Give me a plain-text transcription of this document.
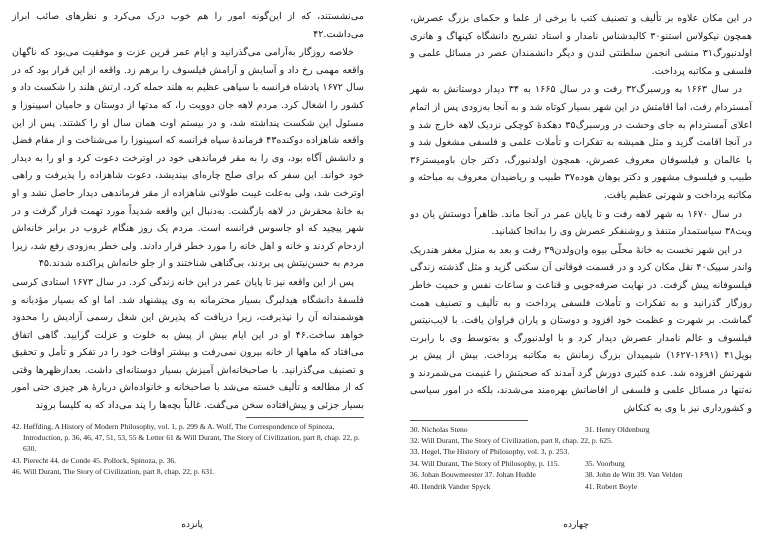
می‌نشستند، که از این‌گونه امور را هم خوب درک می‌کرد و نظرهای صائب ابراز می‌داشت.۴۲

خلاصه روزگار به‌آرامی می‌گذرانید و ایام عمر قرین عزت و موفقیت می‌بود که ناگهان واقعه مهمی رخ داد و آسایش و آرامش فیلسوف را برهم زد. واقعه از این قرار بود که در سال ۱۶۷۲ پادشاه فرانسه با سپاهی عظیم به هلند حمله کرد، ارتش هلند را شکست داد و کشور را اشغال کرد. مردم لاهه جان دوویت را، که مدتها از دوستان و حامیان اسپینوزا و مسئول این شکست پنداشته شد، و در بیستم اوت همان سال او را کشتند. پس از این واقعه شاهزاده دوکنده۴۳ فرماندهٔ سپاه فرانسه که اسپینوزا را می‌شناخت و از مقام فضل و دانشش آگاه بود، وی را به مقر فرماندهی خود در اوترخت دعوت کرد و او را به دیدار خود خواند. این سفر که برای صلح چاره‌ای بیندیشد، دعوت شاهزاده را پذیرفت و راهی اوترخت شد، ولی به‌علت غیبت طولانی شاهزاده از مقر فرماندهی دیدار حاصل نشد و او به خانهٔ محقرش در لاهه بازگشت. به‌دنبال این واقعه شدیداً مورد تهمت قرار گرفت و در شهر پیچید که او جاسوس فرانسه است. مردم یک روز هنگام غروب در برابر خانه‌اش ازدحام کردند و خانه و اهل خانه را مورد خطر قرار دادند. ولی خطر به‌زودی رفع شد، زیرا مردم به حسن‌نیتش پی بردند، بی‌گناهی شناختند و از جلو خانه‌اش پراکنده شدند.۴۵

پس از این واقعه نیز تا پایان عمر در این خانه زندگی کرد. در سال ۱۶۷۳ استادی کرسی فلسفهٔ دانشگاه هیدلبرگ بسیار محترمانه به وی پیشنهاد شد. اما او که بسیار مؤدبانه و هوشمندانه آن را نپذیرفت، زیرا دریافت که پذیرش این شغل رسمی آزادیش را محدود خواهد ساخت.۴۶ او در این ایام بیش از پیش به خلوت و عزلت گرایید. گاهی اتفاق می‌افتاد که ماهها از خانه بیرون نمی‌رفت و بیشتر اوقات خود را در تفکر و تأمل و تحقیق و تصنیف می‌گذرانید. با صاحبخانه‌اش آمیزش بسیار دوستانه‌ای داشت. بعدازظهرها وقتی که از مطالعه و تألیف خسته می‌شد با صاحبخانه و خانواده‌اش دربارهٔ هر چیزی حتی امور بسیار جزئی و پیش‌افتاده سخن می‌گفت. غالباً بچه‌ها را پند می‌داد که به کلیسا بروند

42. Høffding, A History of Modern Philosophy, vol. 1, p. 299 & A. Wolf, The Correspondence of Spinoza, Introduction, p. 36, 46, 47, 51, 53, 55 & Letter 61 & Will Durant, The Story of Civilization, part 8, chap. 22, p. 630.

43. Pierecht 44. de Conde 45. Pollock, Spinoza, p. 36.

46. Will Durant, The Story of Civilization, part 8, chap. 22, p. 631.

پانزده

در این مکان علاوه بر تألیف و تصنیف کتب با برخی از علما و حکمای بزرگ عصرش، همچون نیکولاس استنو۳۰ کالبدشناس نامدار و استاد تشریح دانشگاه کپنهاگ و هانری اولدنبورگ۳۱ منشی انجمن سلطنتی لندن و دیگر دانشمندان عصر در مسائل علمی و فلسفی و مکاتبه پرداخت.

در سال ۱۶۶۳ به ورسبرگ۳۲ رفت و در سال ۱۶۶۵ به ۳۴ دیدار دوستانش به شهر آمستردام رفت، اما اقامتش در این شهر بسیار کوتاه شد و به آنجا به‌زودی پس از اتمام اعلای آمستردام به جای وحشت در ورسبرگ۳۵ دهکدهٔ کوچکی نزدیک لاهه خارج شد و در آنجا اقامت گزید و مثل همیشه به تفکرات و تأملات علمی و فلسفی مشغول شد و با عالمان و فیلسوفان معروف عصرش، همچون اولدنبورگ، دکتر جان باومیستر۳۶ طبیب و فیلسوف مشهور و دکتر یوهان هوده۳۷ طبیب و ریاضیدان معروف به مباحثه و مکاتبه پرداخت و شهرتی عظیم یافت.

در سال ۱۶۷۰ به شهر لاهه رفت و تا پایان عمر در آنجا ماند. ظاهراً دوستش یان دو ویت۳۸ سیاستمدار متنفذ و روشنفکر عصرش وی را بدانجا کشانید.

در این شهر نخست به خانهٔ محلّی بیوه وان‌ولدن۳۹ رفت و بعد به منزل مغفر هندریک واندر سپیک۴۰ نقل مکان کرد و در قسمت فوقانی آن سکنی گزید و مثل گذشته زندگی فیلسوفانه پیش گرفت. در نهایت صرفه‌جویی و قناعت و ساعات نفس و حمیت خاطر روزگار گذرانید و به تفکرات و تأملات فلسفی پرداخت و به تألیف و تصنیف همت گماشت. بر شهرت و عظمت خود افزود و دوستان و یاران فراوان یافت. با لایب‌نیتس فیلسوف و عالم نامدار عصرش دیدار کرد و با اولدنبورگ و به‌توسط وی با رابرت بویل۴۱ (۱۶۹۱-۱۶۲۷) شیمیدان بزرگ زمانش به مکاتبه پرداخت. بیش از پیش بر شهرتش افزوده شد. عده کثیری دورش گرد آمدند که صحبتش را غنیمت می‌شمردند و نه‌تنها در مسائل علمی و فلسفی از افاضاتش بهره‌مند می‌شدند، بلکه در امور سیاسی و کشورداری نیز با وی به کنکاش

30. Nicholas Steno	31. Henry Oldenburg
32. Will Durant, The Story of Civilization, part 8, chap. 22, p. 625.
33. Hegel, The History of Philosophy, vol. 3, p. 253.
34. Will Durant, The Story of Philosophy, p. 115.	35. Voorburg
36. Johan Bouwmeester 37. Johan Hudde	38. John de Witt 39. Van Velden
40. Hendrik Vander Spyck	41. Robert Boyle
چهارده
